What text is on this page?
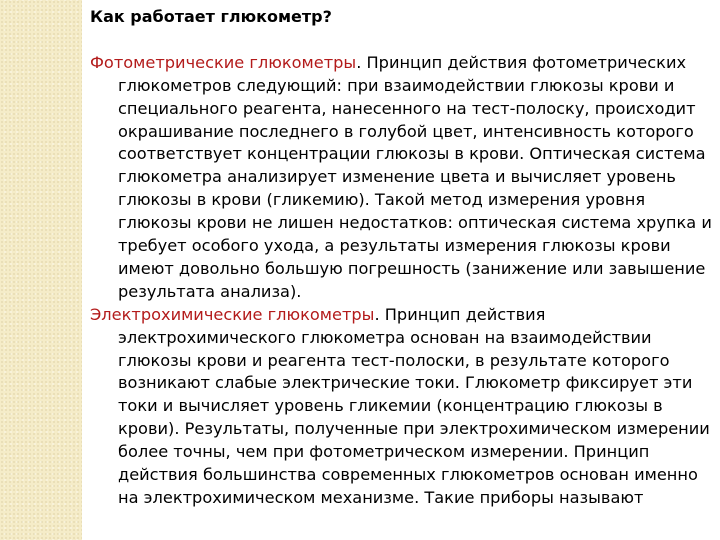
Как работает глюкометр?

Фотометрические глюкометры. Принцип действия фотометрических глюкометров следующий: при взаимодействии глюкозы крови и специального реагента, нанесенного на тест-полоску, происходит окрашивание последнего в голубой цвет, интенсивность которого соответствует концентрации глюкозы в крови. Оптическая система глюкометра анализирует изменение цвета и вычисляет уровень глюкозы в крови (гликемию). Такой метод измерения уровня глюкозы крови не лишен недостатков: оптическая система хрупка и требует особого ухода, а результаты измерения глюкозы крови имеют довольно большую погрешность (занижение или завышение результата анализа).

Электрохимические глюкометры. Принцип действия электрохимического глюкометра основан на взаимодействии глюкозы крови и реагента тест-полоски, в результате которого возникают слабые электрические токи. Глюкометр фиксирует эти токи и вычисляет уровень гликемии (концентрацию глюкозы в крови). Результаты, полученные при электрохимическом измерении более точны, чем при фотометрическом измерении. Принцип действия большинства современных глюкометров основан именно на электрохимическом механизме. Такие приборы называют
